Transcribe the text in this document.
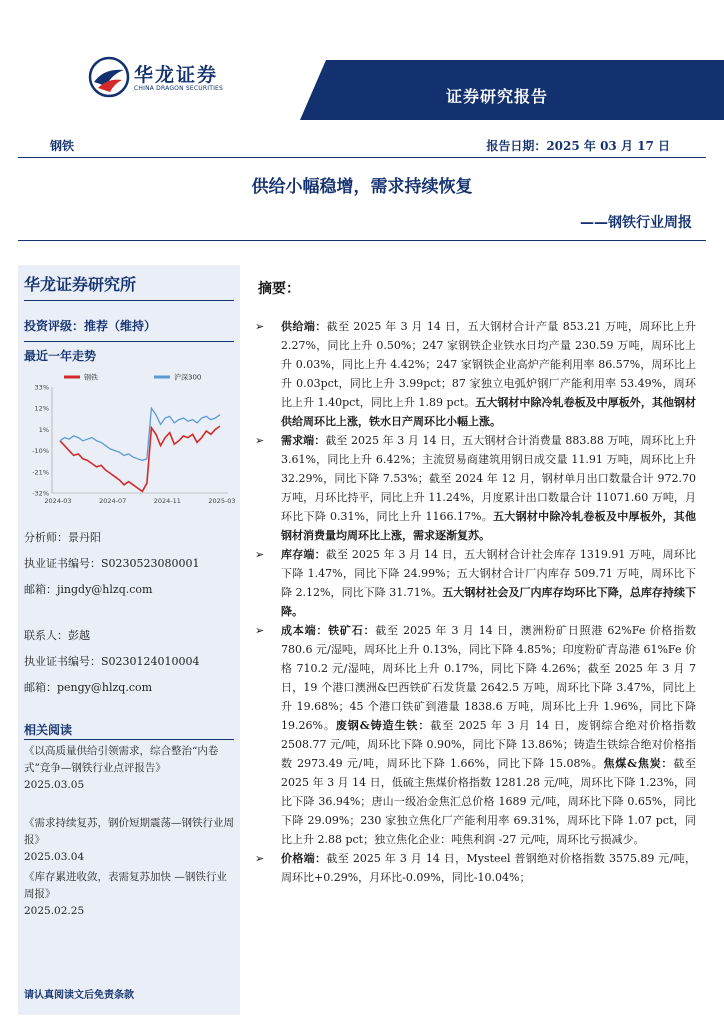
华龙证券
CHINA DRAGON SECURITIES	证券研究报告
钢铁	报告日期：2025 年 03 月 17 日
供给小幅稳增，需求持续恢复
——钢铁行业周报
华龙证券研究所
投资评级：推荐（维持）
最近一年走势
33%
12%
1%
-10%
-21%
-32%
2024-03	2024-07	2024-11	2025-03
钢铁	沪深300
分析师：景丹阳
执业证书编号：S0230523080001
邮箱：jingdy@hlzq.com
联系人：彭越
执业证书编号：S0230124010004
邮箱：pengy@hlzq.com
相关阅读
《以高质量供给引领需求，综合整治“内卷式”竞争—钢铁行业点评报告》
2025.03.05
《需求持续复苏，钢价短期震荡—钢铁行业周报》
2025.03.04
《库存累进收敛，表需复苏加快 —钢铁行业周报》
2025.02.25
请认真阅读文后免责条款
摘要：
➢ 供给端：截至 2025 年 3 月 14 日，五大钢材合计产量 853.21 万吨，周环比上升 2.27%，同比上升 0.50%；247 家钢铁企业铁水日均产量 230.59 万吨，周环比上升 0.03%，同比上升 4.42%；247 家钢铁企业高炉产能利用率 86.57%，周环比上升 0.03pct，同比上升 3.99pct；87 家独立电弧炉钢厂产能利用率 53.49%，周环比上升 1.40pct，同比上升 1.89 pct。五大钢材中除冷轧卷板及中厚板外，其他钢材供给周环比上涨，铁水日产周环比小幅上涨。
➢ 需求端：截至 2025 年 3 月 14 日，五大钢材合计消费量 883.88 万吨，周环比上升 3.61%，同比上升 6.42%；主流贸易商建筑用钢日成交量 11.91 万吨，周环比上升 32.29%，同比下降 7.53%；截至 2024 年 12 月，钢材单月出口数量合计 972.70 万吨，月环比持平，同比上升 11.24%，月度累计出口数量合计 11071.60 万吨，月环比下降 0.31%，同比上升 1166.17%。五大钢材中除冷轧卷板及中厚板外，其他钢材消费量均周环比上涨，需求逐渐复苏。
➢ 库存端：截至 2025 年 3 月 14 日，五大钢材合计社会库存 1319.91 万吨，周环比下降 1.47%，同比下降 24.99%；五大钢材合计厂内库存 509.71 万吨，周环比下降 2.12%，同比下降 31.71%。五大钢材社会及厂内库存均环比下降，总库存持续下降。
➢ 成本端：铁矿石：截至 2025 年 3 月 14 日，澳洲粉矿日照港 62%Fe 价格指数 780.6 元/湿吨，周环比上升 0.13%，同比下降 4.85%；印度粉矿青岛港 61%Fe 价格 710.2 元/湿吨，周环比上升 0.17%，同比下降 4.26%；截至 2025 年 3 月 7 日，19 个港口澳洲&巴西铁矿石发货量 2642.5 万吨，周环比下降 3.47%，同比上升 19.68%；45 个港口铁矿到港量 1838.6 万吨，周环比上升 1.96%，同比下降 19.26%。废钢&铸造生铁：截至 2025 年 3 月 14 日，废钢综合绝对价格指数 2508.77 元/吨，周环比下降 0.90%，同比下降 13.86%；铸造生铁综合绝对价格指数 2973.49 元/吨，周环比下降 1.66%，同比下降 15.08%。焦煤&焦炭：截至 2025 年 3 月 14 日，低硫主焦煤价格指数 1281.28 元/吨，周环比下降 1.23%，同比下降 36.94%；唐山一级冶金焦汇总价格 1689 元/吨，周环比下降 0.65%，同比下降 29.09%；230 家独立焦化厂产能利用率 69.31%，周环比下降 1.07 pct，同比上升 2.88 pct；独立焦化企业：吨焦利润 -27 元/吨，周环比亏损减少。
➢ 价格端：截至 2025 年 3 月 14 日，Mysteel 普钢绝对价格指数 3575.89 元/吨，周环比+0.29%，月环比-0.09%，同比-10.04%；
